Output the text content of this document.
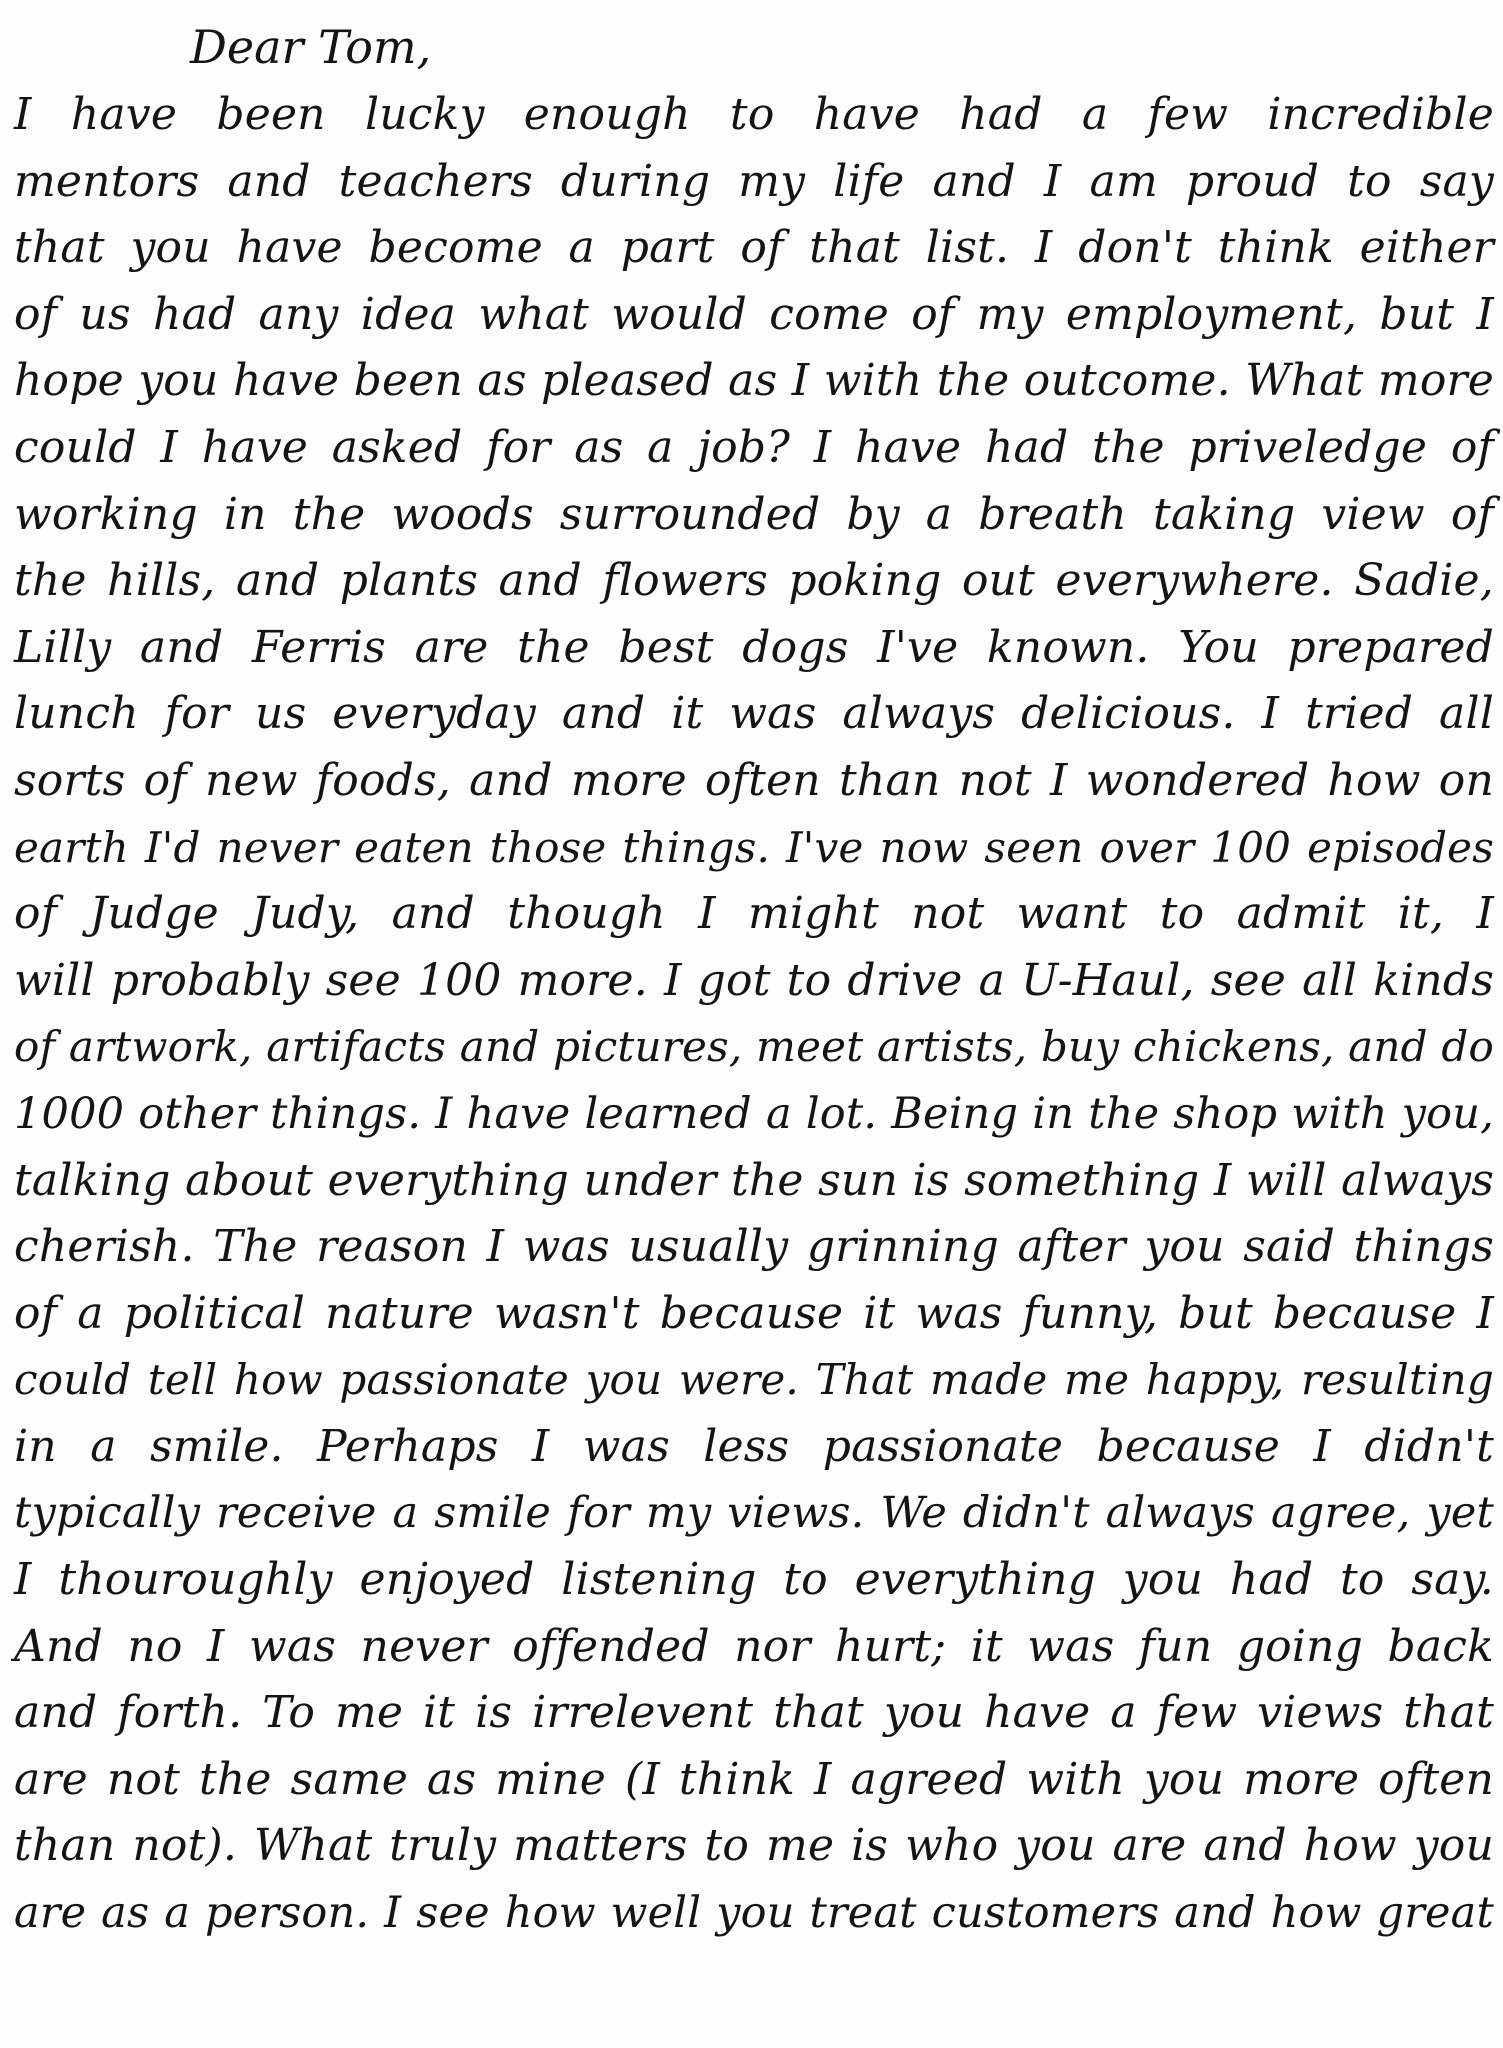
Dear Tom,
I have been lucky enough to have had a few incredible
mentors and teachers during my life and I am proud to say
that you have become a part of that list. I don't think either
of us had any idea what would come of my employment, but I
hope you have been as pleased as I with the outcome. What more
could I have asked for as a job? I have had the priveledge of
working in the woods surrounded by a breath taking view of
the hills, and plants and flowers poking out everywhere. Sadie,
Lilly and Ferris are the best dogs I've known. You prepared
lunch for us everyday and it was always delicious. I tried all
sorts of new foods, and more often than not I wondered how on
earth I'd never eaten those things. I've now seen over 100 episodes
of Judge Judy, and though I might not want to admit it, I
will probably see 100 more. I got to drive a U-Haul, see all kinds
of artwork, artifacts and pictures, meet artists, buy chickens, and do
1000 other things. I have learned a lot. Being in the shop with you,
talking about everything under the sun is something I will always
cherish. The reason I was usually grinning after you said things
of a political nature wasn't because it was funny, but because I
could tell how passionate you were. That made me happy, resulting
in a smile. Perhaps I was less passionate because I didn't
typically receive a smile for my views. We didn't always agree, yet
I thouroughly enjoyed listening to everything you had to say.
And no I was never offended nor hurt; it was fun going back
and forth. To me it is irrelevent that you have a few views that
are not the same as mine (I think I agreed with you more often
than not). What truly matters to me is who you are and how you
are as a person. I see how well you treat customers and how great
